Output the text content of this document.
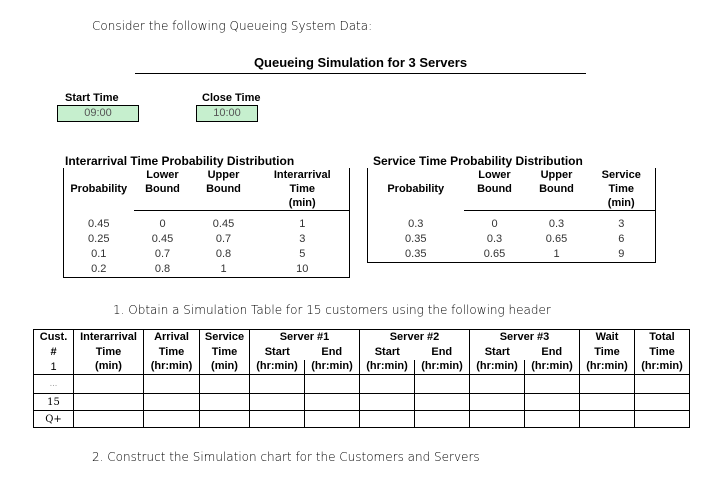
Consider the following Queueing System Data:
Queueing Simulation for 3 Servers
Start Time
09:00
Close Time
10:00
Interarrival Time Probability Distribution
Probability	Lower	Upper	Interarrival
	Bound	Bound	Time
			(min)

0.45	0	0.45	1
0.25	0.45	0.7	3
0.1	0.7	0.8	5
0.2	0.8	1	10
Service Time Probability Distribution
Probability	Lower	Upper	Service
	Bound	Bound	Time
			(min)

0.3	0	0.3	3
0.35	0.3	0.65	6
0.35	0.65	1	9
1. Obtain a Simulation Table for 15 customers using the following header
Cust.	Interarrival	Arrival	Service	Server #1		Server #2		Server #3		Wait	Total
#	Time	Time	Time	Start	End	Start	End	Start	End	Time	Time
1	(min)	(hr:min)	(min)	(hr:min)	(hr:min)	(hr:min)	(hr:min)	(hr:min)	(hr:min)	(hr:min)	(hr:min)
...											
15											
Q+											
2. Construct the Simulation chart for the Customers and Servers
